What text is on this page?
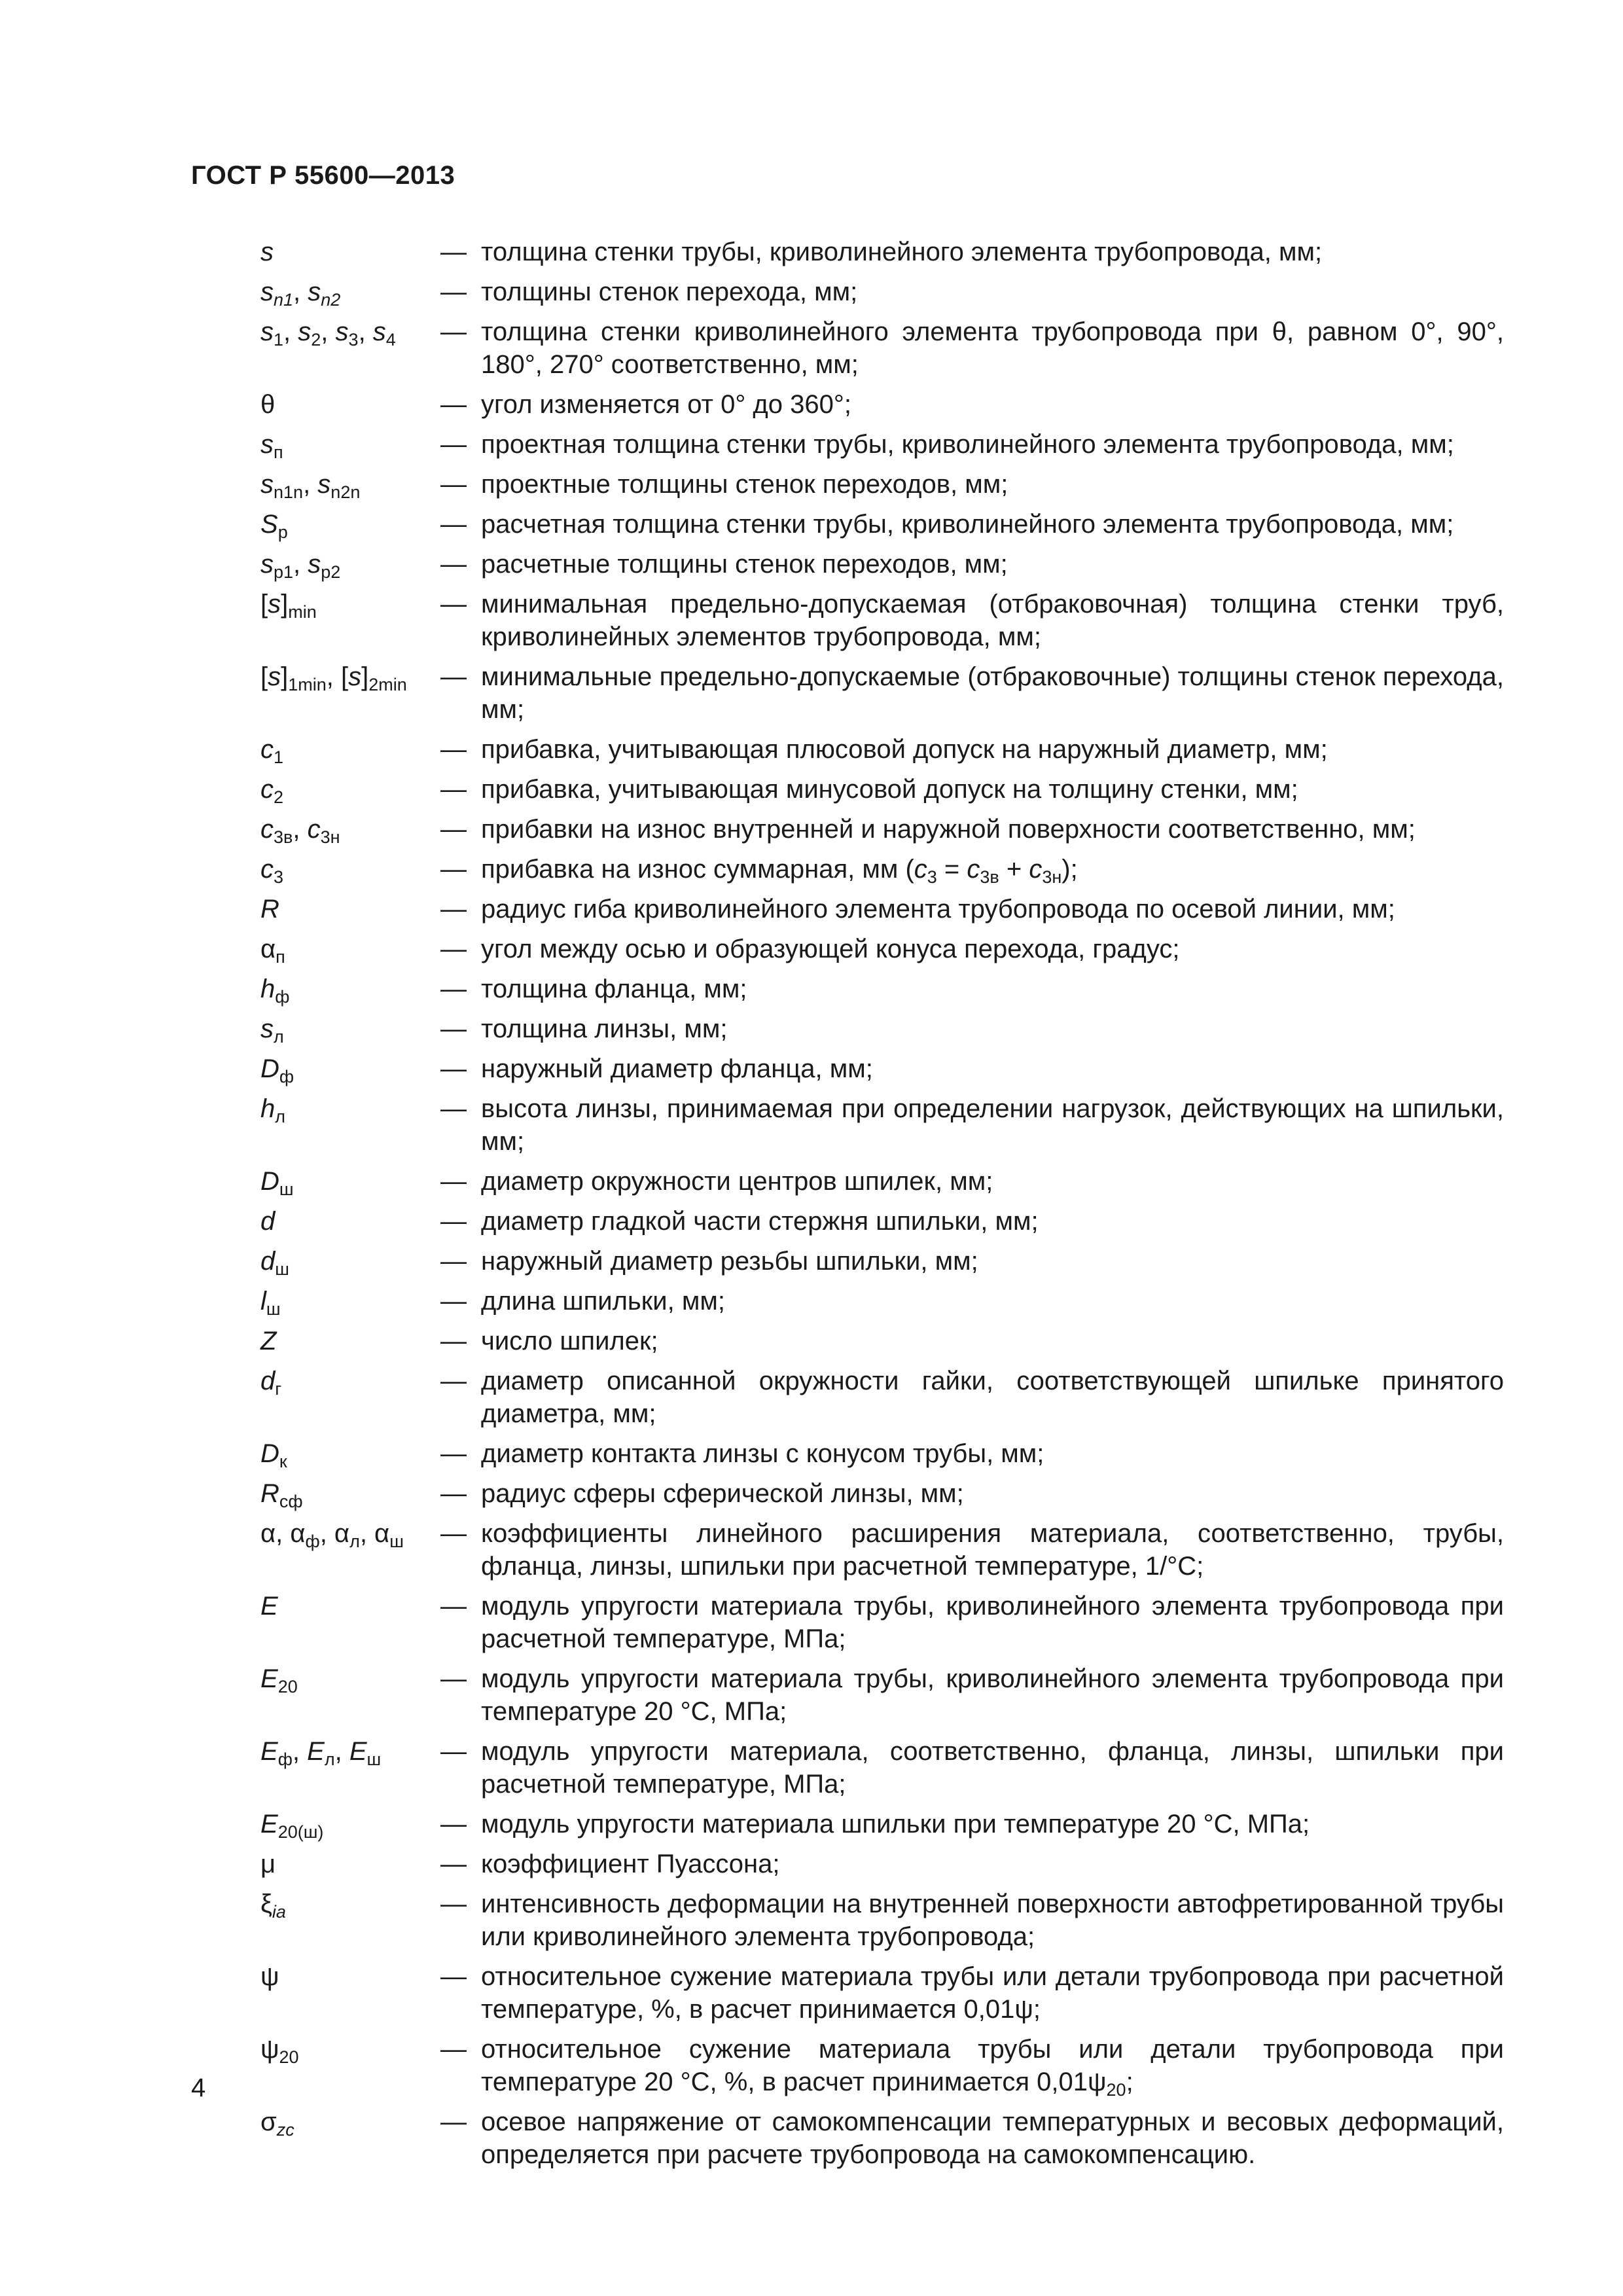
ГОСТ Р 55600—2013
s	— толщина стенки трубы, криволинейного элемента трубопровода, мм;
$s_{n1}$, $s_{n2}$	— толщины стенок перехода, мм;
$s_1$, $s_2$, $s_3$, $s_4$	— толщина стенки криволинейного элемента трубопровода при θ, равном 0°, 90°, 180°, 270° соответственно, мм;
θ	— угол изменяется от 0° до 360°;
$s_п$	— проектная толщина стенки трубы, криволинейного элемента трубопровода, мм;
$s_{n1n}$, $s_{n2n}$	— проектные толщины стенок переходов, мм;
$S_p$	— расчетная толщина стенки трубы, криволинейного элемента трубопровода, мм;
$s_{p1}$, $s_{p2}$	— расчетные толщины стенок переходов, мм;
$[s]_{min}$	— минимальная предельно-допускаемая (отбраковочная) толщина стенки труб, криволинейных элементов трубопровода, мм;
$[s]_{1min}$, $[s]_{2min}$	— минимальные предельно-допускаемые (отбраковочные) толщины стенок перехода, мм;
$c_1$	— прибавка, учитывающая плюсовой допуск на наружный диаметр, мм;
$c_2$	— прибавка, учитывающая минусовой допуск на толщину стенки, мм;
$c_{3в}$, $c_{3н}$	— прибавки на износ внутренней и наружной поверхности соответственно, мм;
$c_3$	— прибавка на износ суммарная, мм $(c_3 = c_{3в} + c_{3н})$;
R	— радиус гиба криволинейного элемента трубопровода по осевой линии, мм;
$\alpha_п$	— угол между осью и образующей конуса перехода, градус;
$h_ф$	— толщина фланца, мм;
$s_л$	— толщина линзы, мм;
$D_ф$	— наружный диаметр фланца, мм;
$h_л$	— высота линзы, принимаемая при определении нагрузок, действующих на шпильки, мм;
$D_ш$	— диаметр окружности центров шпилек, мм;
d	— диаметр гладкой части стержня шпильки, мм;
$d_ш$	— наружный диаметр резьбы шпильки, мм;
$l_ш$	— длина шпильки, мм;
Z	— число шпилек;
$d_г$	— диаметр описанной окружности гайки, соответствующей шпильке принятого диаметра, мм;
$D_к$	— диаметр контакта линзы с конусом трубы, мм;
$R_{сф}$	— радиус сферы сферической линзы, мм;
α, $\alpha_ф$, $\alpha_л$, $\alpha_ш$	— коэффициенты линейного расширения материала, соответственно, трубы, фланца, линзы, шпильки при расчетной температуре, 1/°C;
E	— модуль упругости материала трубы, криволинейного элемента трубопровода при расчетной температуре, МПа;
$E_{20}$	— модуль упругости материала трубы, криволинейного элемента трубопровода при температуре 20 °C, МПа;
$E_ф$, $E_л$, $E_ш$	— модуль упругости материала, соответственно, фланца, линзы, шпильки при расчетной температуре, МПа;
$E_{20(ш)}$	— модуль упругости материала шпильки при температуре 20 °C, МПа;
μ	— коэффициент Пуассона;
$\xi_{ia}$	— интенсивность деформации на внутренней поверхности автофретированной трубы или криволинейного элемента трубопровода;
ψ	— относительное сужение материала трубы или детали трубопровода при расчетной температуре, %, в расчет принимается 0,01ψ;
$\psi_{20}$	— относительное сужение материала трубы или детали трубопровода при температуре 20 °C, %, в расчет принимается $0,01\psi_{20}$;
$\sigma_{zc}$	— осевое напряжение от самокомпенсации температурных и весовых деформаций, определяется при расчете трубопровода на самокомпенсацию.
4
